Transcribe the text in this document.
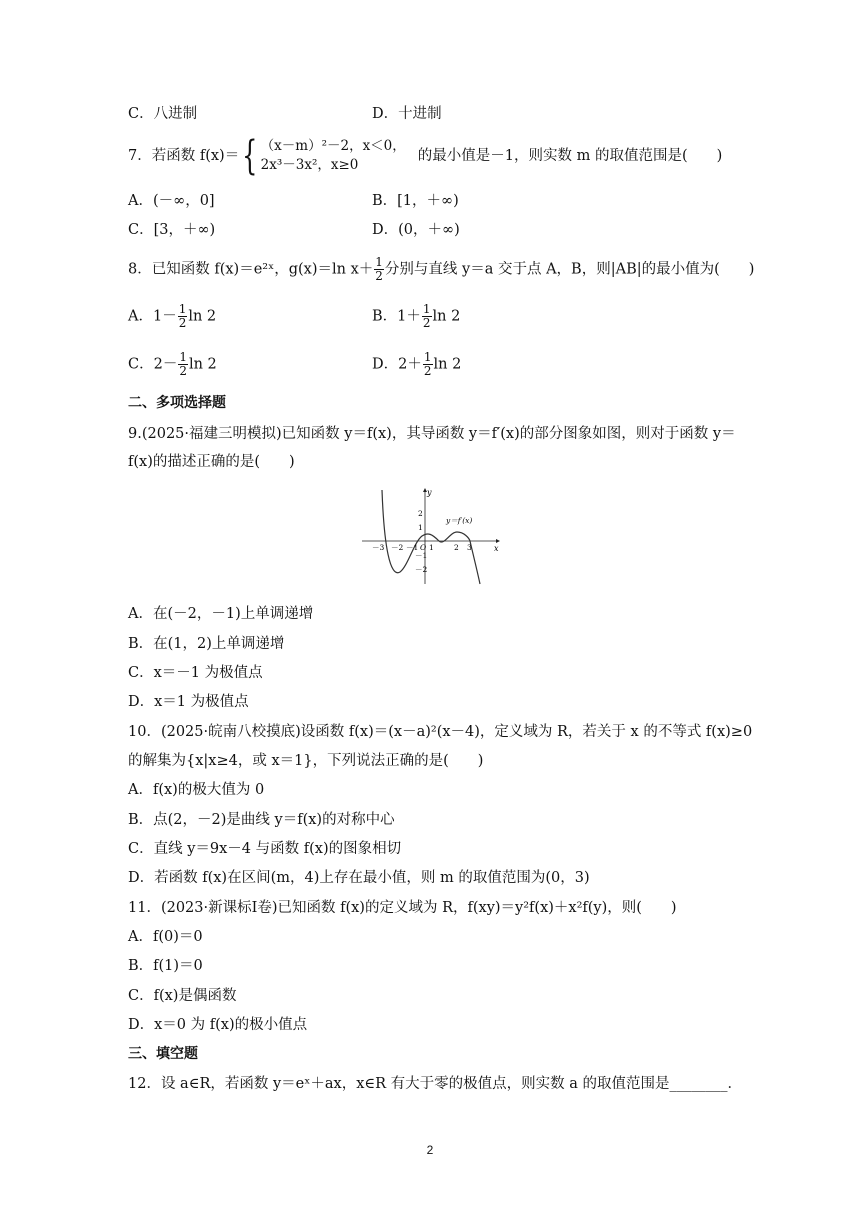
C．八进制	D．十进制
7．若函数 f(x)＝{ （x－m）²－2，x＜0，
2x³－3x²，x≥0
的最小值是－1，则实数 m 的取值范围是(　　)
A．(－∞，0]	B．[1，＋∞)
C．[3，＋∞)	D．(0，＋∞)
8．已知函数 f(x)＝e²ˣ，g(x)＝ln $x+ \frac{1}{2}$ 分别与直线 y＝a 交于点 A，B，则|AB|的最小值为(　　)
A．$1- \frac{1}{2}$ ln 2	B．$1+ \frac{1}{2}$ ln 2
C．$2- \frac{1}{2}$ ln 2	D．$2+ \frac{1}{2}$ ln 2
二、多项选择题
9.(2025·福建三明模拟)已知函数 y＝f(x)，其导函数 y＝f′(x)的部分图象如图，则对于函数 y＝
f(x)的描述正确的是(　　)
y
x
y＝f′(x)
－3 －2 －1 O 1	2 3
2
1
－1
－2
A．在(－2，－1)上单调递增
B．在(1，2)上单调递增
C．x＝－1 为极值点
D．x＝1 为极值点
10．(2025·皖南八校摸底)设函数 f(x)＝(x－a)²(x－4)，定义域为 R，若关于 x 的不等式 f(x)≥0
的解集为{x|x≥4，或 x＝1}，下列说法正确的是(　　)
A．f(x)的极大值为 0
B．点(2，－2)是曲线 y＝f(x)的对称中心
C．直线 y＝9x－4 与函数 f(x)的图象相切
D．若函数 f(x)在区间(m，4)上存在最小值，则 m 的取值范围为(0，3)
11．(2023·新课标Ⅰ卷)已知函数 f(x)的定义域为 R，f(xy)＝y²f(x)＋x²f(y)，则(　　)
A．f(0)＝0
B．f(1)＝0
C．f(x)是偶函数
D．x＝0 为 f(x)的极小值点
三、填空题
12．设 a∈R，若函数 y＝eˣ＋ax，x∈R 有大于零的极值点，则实数 a 的取值范围是________．
2
